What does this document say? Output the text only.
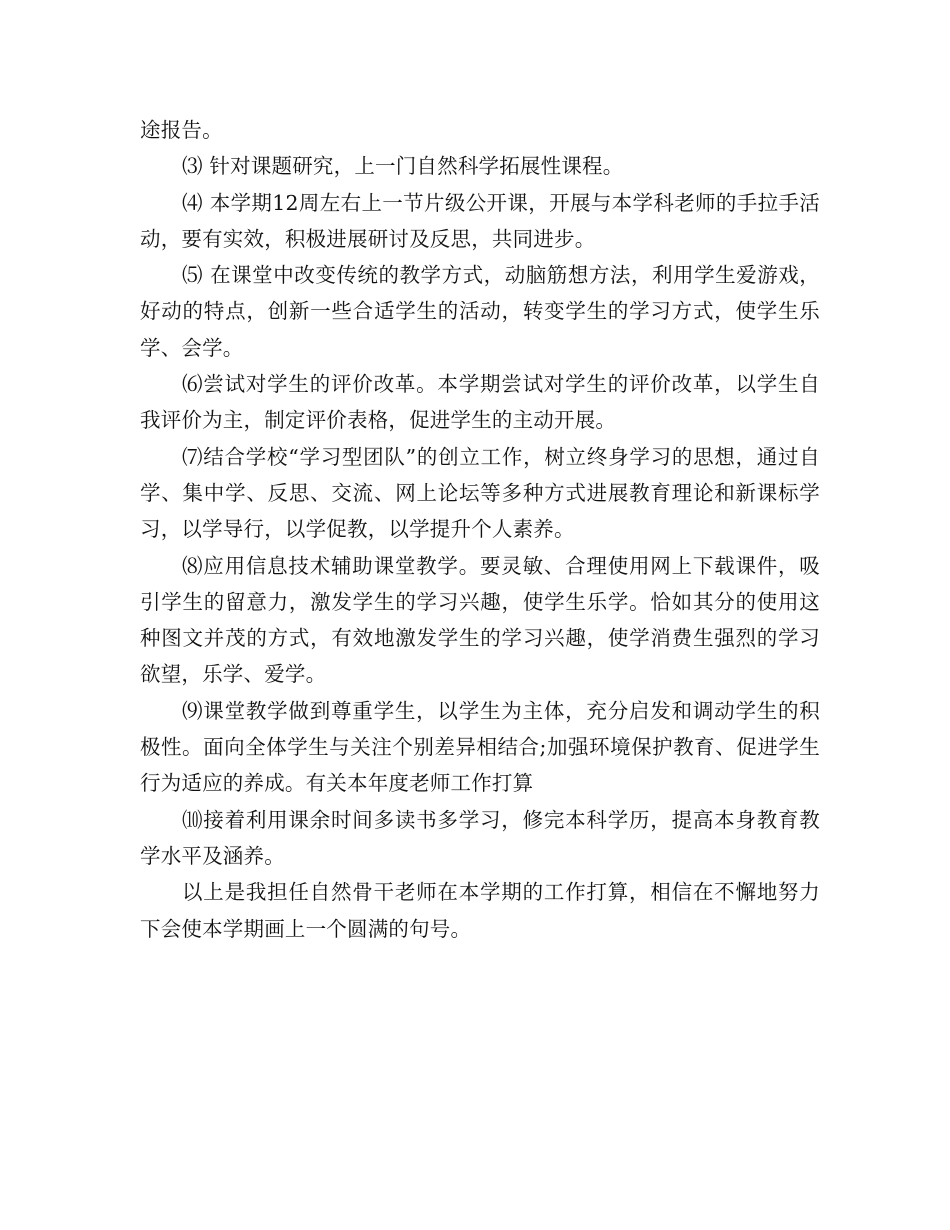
途报告。

⑶ 针对课题研究，上一门自然科学拓展性课程。

⑷ 本学期12周左右上一节片级公开课，开展与本学科老师的手拉手活动，要有实效，积极进展研讨及反思，共同进步。

⑸ 在课堂中改变传统的教学方式，动脑筋想方法，利用学生爱游戏，好动的特点，创新一些合适学生的活动，转变学生的学习方式，使学生乐学、会学。

⑹尝试对学生的评价改革。本学期尝试对学生的评价改革，以学生自我评价为主，制定评价表格，促进学生的主动开展。

⑺结合学校“学习型团队”的创立工作，树立终身学习的思想，通过自学、集中学、反思、交流、网上论坛等多种方式进展教育理论和新课标学习，以学导行，以学促教，以学提升个人素养。

⑻应用信息技术辅助课堂教学。要灵敏、合理使用网上下载课件，吸引学生的留意力，激发学生的学习兴趣，使学生乐学。恰如其分的使用这种图文并茂的方式，有效地激发学生的学习兴趣，使学消费生强烈的学习欲望，乐学、爱学。

⑼课堂教学做到尊重学生，以学生为主体，充分启发和调动学生的积极性。面向全体学生与关注个别差异相结合;加强环境保护教育、促进学生行为适应的养成。有关本年度老师工作打算

⑽接着利用课余时间多读书多学习，修完本科学历，提高本身教育教学水平及涵养。

以上是我担任自然骨干老师在本学期的工作打算，相信在不懈地努力下会使本学期画上一个圆满的句号。
